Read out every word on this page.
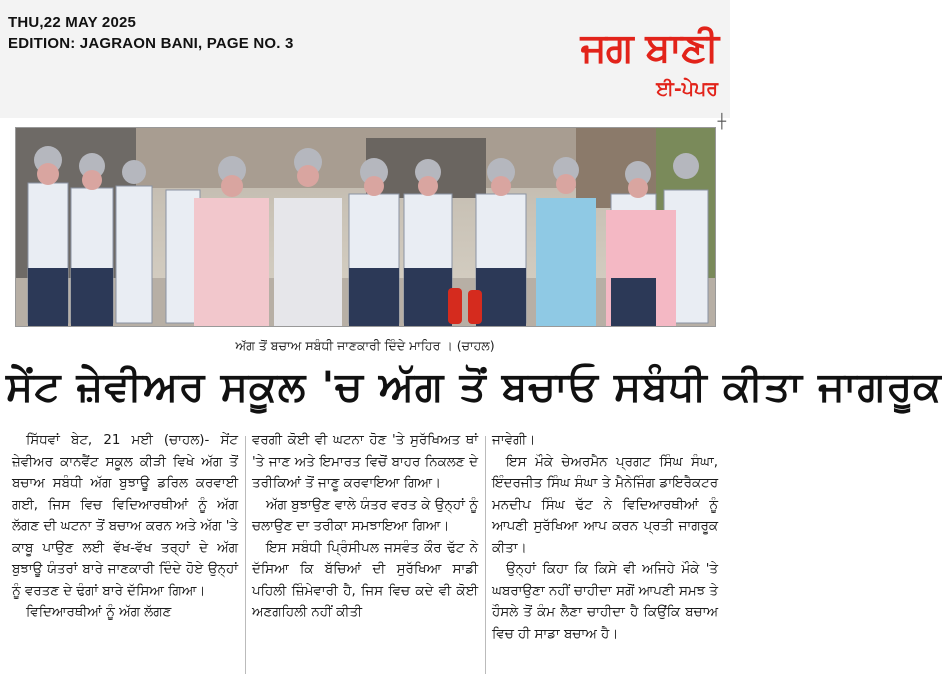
THU,22 MAY 2025
EDITION: JAGRAON BANI, PAGE NO. 3	ਜਗ ਬਾਣੀ
ਈ-ਪੇਪਰ
┼
ਅੱਗ ਤੋਂ ਬਚਾਅ ਸਬੰਧੀ ਜਾਣਕਾਰੀ ਦਿੰਦੇ ਮਾਹਿਰ । (ਚਾਹਲ)
ਸੇਂਟ ਜ਼ੇਵੀਅਰ ਸਕੂਲ 'ਚ ਅੱਗ ਤੋਂ ਬਚਾਓ ਸਬੰਧੀ ਕੀਤਾ ਜਾਗਰੂਕ

ਸਿੱਧਵਾਂ ਬੇਟ, 21 ਮਈ (ਚਾਹਲ)- ਸੇਂਟ ਜ਼ੇਵੀਅਰ ਕਾਨਵੈਂਟ ਸਕੂਲ ਕੀੜੀ ਵਿਖੇ ਅੱਗ ਤੋਂ ਬਚਾਅ ਸਬੰਧੀ ਅੱਗ ਬੁਝਾਊ ਡਰਿਲ ਕਰਵਾਈ ਗਈ, ਜਿਸ ਵਿਚ ਵਿਦਿਆਰਥੀਆਂ ਨੂੰ ਅੱਗ ਲੱਗਣ ਦੀ ਘਟਨਾ ਤੋਂ ਬਚਾਅ ਕਰਨ ਅਤੇ ਅੱਗ 'ਤੇ ਕਾਬੂ ਪਾਉਣ ਲਈ ਵੱਖ-ਵੱਖ ਤਰ੍ਹਾਂ ਦੇ ਅੱਗ ਬੁਝਾਊ ਯੰਤਰਾਂ ਬਾਰੇ ਜਾਣਕਾਰੀ ਦਿੰਦੇ ਹੋਏ ਉਨ੍ਹਾਂ ਨੂੰ ਵਰਤਣ ਦੇ ਢੰਗਾਂ ਬਾਰੇ ਦੱਸਿਆ ਗਿਆ।

ਵਿਦਿਆਰਥੀਆਂ ਨੂੰ ਅੱਗ ਲੱਗਣ

ਵਰਗੀ ਕੋਈ ਵੀ ਘਟਨਾ ਹੋਣ 'ਤੇ ਸੁਰੱਖਿਅਤ ਥਾਂ 'ਤੇ ਜਾਣ ਅਤੇ ਇਮਾਰਤ ਵਿਚੋਂ ਬਾਹਰ ਨਿਕਲਣ ਦੇ ਤਰੀਕਿਆਂ ਤੋਂ ਜਾਣੂ ਕਰਵਾਇਆ ਗਿਆ।

ਅੱਗ ਬੁਝਾਉਣ ਵਾਲੇ ਯੰਤਰ ਵਰਤ ਕੇ ਉਨ੍ਹਾਂ ਨੂੰ ਚਲਾਉਣ ਦਾ ਤਰੀਕਾ ਸਮਝਾਇਆ ਗਿਆ।

ਇਸ ਸਬੰਧੀ ਪ੍ਰਿੰਸੀਪਲ ਜਸਵੰਤ ਕੌਰ ਢੱਟ ਨੇ ਦੱਸਿਆ ਕਿ ਬੱਚਿਆਂ ਦੀ ਸੁਰੱਖਿਆ ਸਾਡੀ ਪਹਿਲੀ ਜ਼ਿੰਮੇਵਾਰੀ ਹੈ, ਜਿਸ ਵਿਚ ਕਦੇ ਵੀ ਕੋਈ ਅਣਗਹਿਲੀ ਨਹੀਂ ਕੀਤੀ

ਜਾਵੇਗੀ।

ਇਸ ਮੌਕੇ ਚੇਅਰਮੈਨ ਪ੍ਰਗਟ ਸਿੰਘ ਸੰਘਾ, ਇੰਦਰਜੀਤ ਸਿੰਘ ਸੰਘਾ ਤੇ ਮੈਨੇਜਿੰਗ ਡਾਇਰੈਕਟਰ ਮਨਦੀਪ ਸਿੰਘ ਢੱਟ ਨੇ ਵਿਦਿਆਰਥੀਆਂ ਨੂੰ ਆਪਣੀ ਸੁਰੱਖਿਆ ਆਪ ਕਰਨ ਪ੍ਰਤੀ ਜਾਗਰੂਕ ਕੀਤਾ।

ਉਨ੍ਹਾਂ ਕਿਹਾ ਕਿ ਕਿਸੇ ਵੀ ਅਜਿਹੇ ਮੌਕੇ 'ਤੇ ਘਬਰਾਉਣਾ ਨਹੀਂ ਚਾਹੀਦਾ ਸਗੋਂ ਆਪਣੀ ਸਮਝ ਤੇ ਹੌਸਲੇ ਤੋਂ ਕੰਮ ਲੈਣਾ ਚਾਹੀਦਾ ਹੈ ਕਿਉਂਕਿ ਬਚਾਅ ਵਿਚ ਹੀ ਸਾਡਾ ਬਚਾਅ ਹੈ।
